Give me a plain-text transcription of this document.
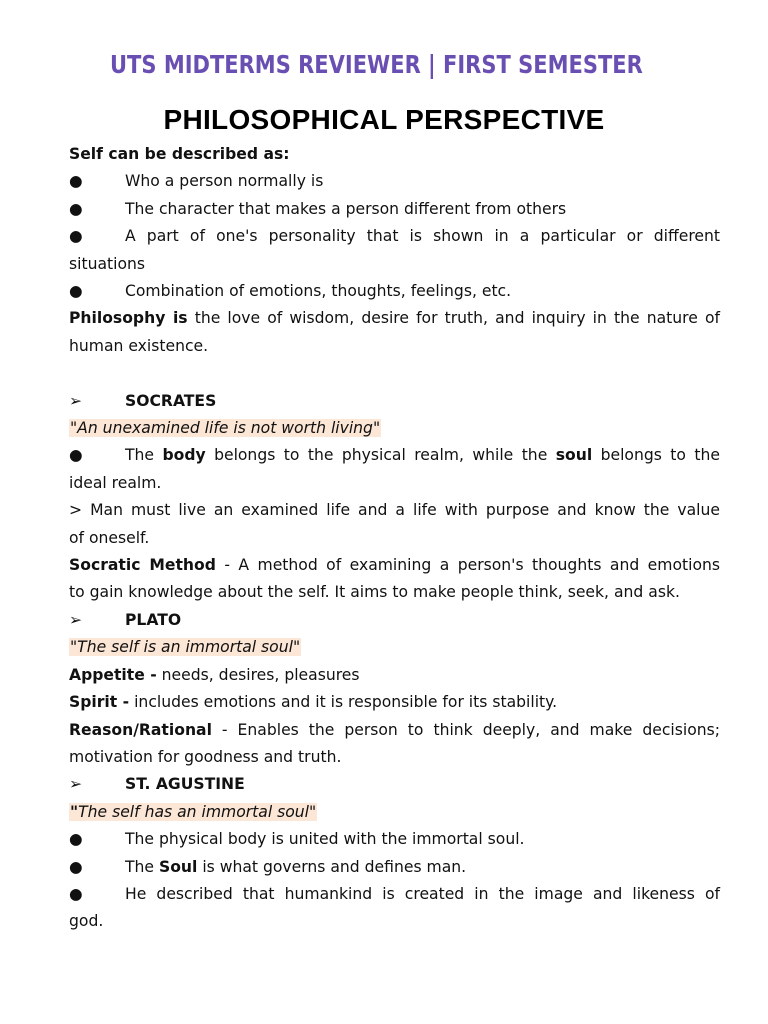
UTS MIDTERMS REVIEWER | FIRST SEMESTER
PHILOSOPHICAL PERSPECTIVE
Self can be described as:
●	Who a person normally is
●	The character that makes a person different from others
●	A part of one's personality that is shown in a particular or different
situations
●	Combination of emotions, thoughts, feelings, etc.
Philosophy is the love of wisdom, desire for truth, and inquiry in the nature of
human existence.
➢	SOCRATES
"An unexamined life is not worth living"
●	The body belongs to the physical realm, while the soul belongs to the
ideal realm.
> Man must live an examined life and a life with purpose and know the value
of oneself.
Socratic Method - A method of examining a person's thoughts and emotions
to gain knowledge about the self. It aims to make people think, seek, and ask.
➢	PLATO
"The self is an immortal soul"
Appetite - needs, desires, pleasures
Spirit - includes emotions and it is responsible for its stability.
Reason/Rational - Enables the person to think deeply, and make decisions;
motivation for goodness and truth.
➢	ST. AGUSTINE
"The self has an immortal soul"
●	The physical body is united with the immortal soul.
●	The Soul is what governs and defines man.
●	He described that humankind is created in the image and likeness of
god.
